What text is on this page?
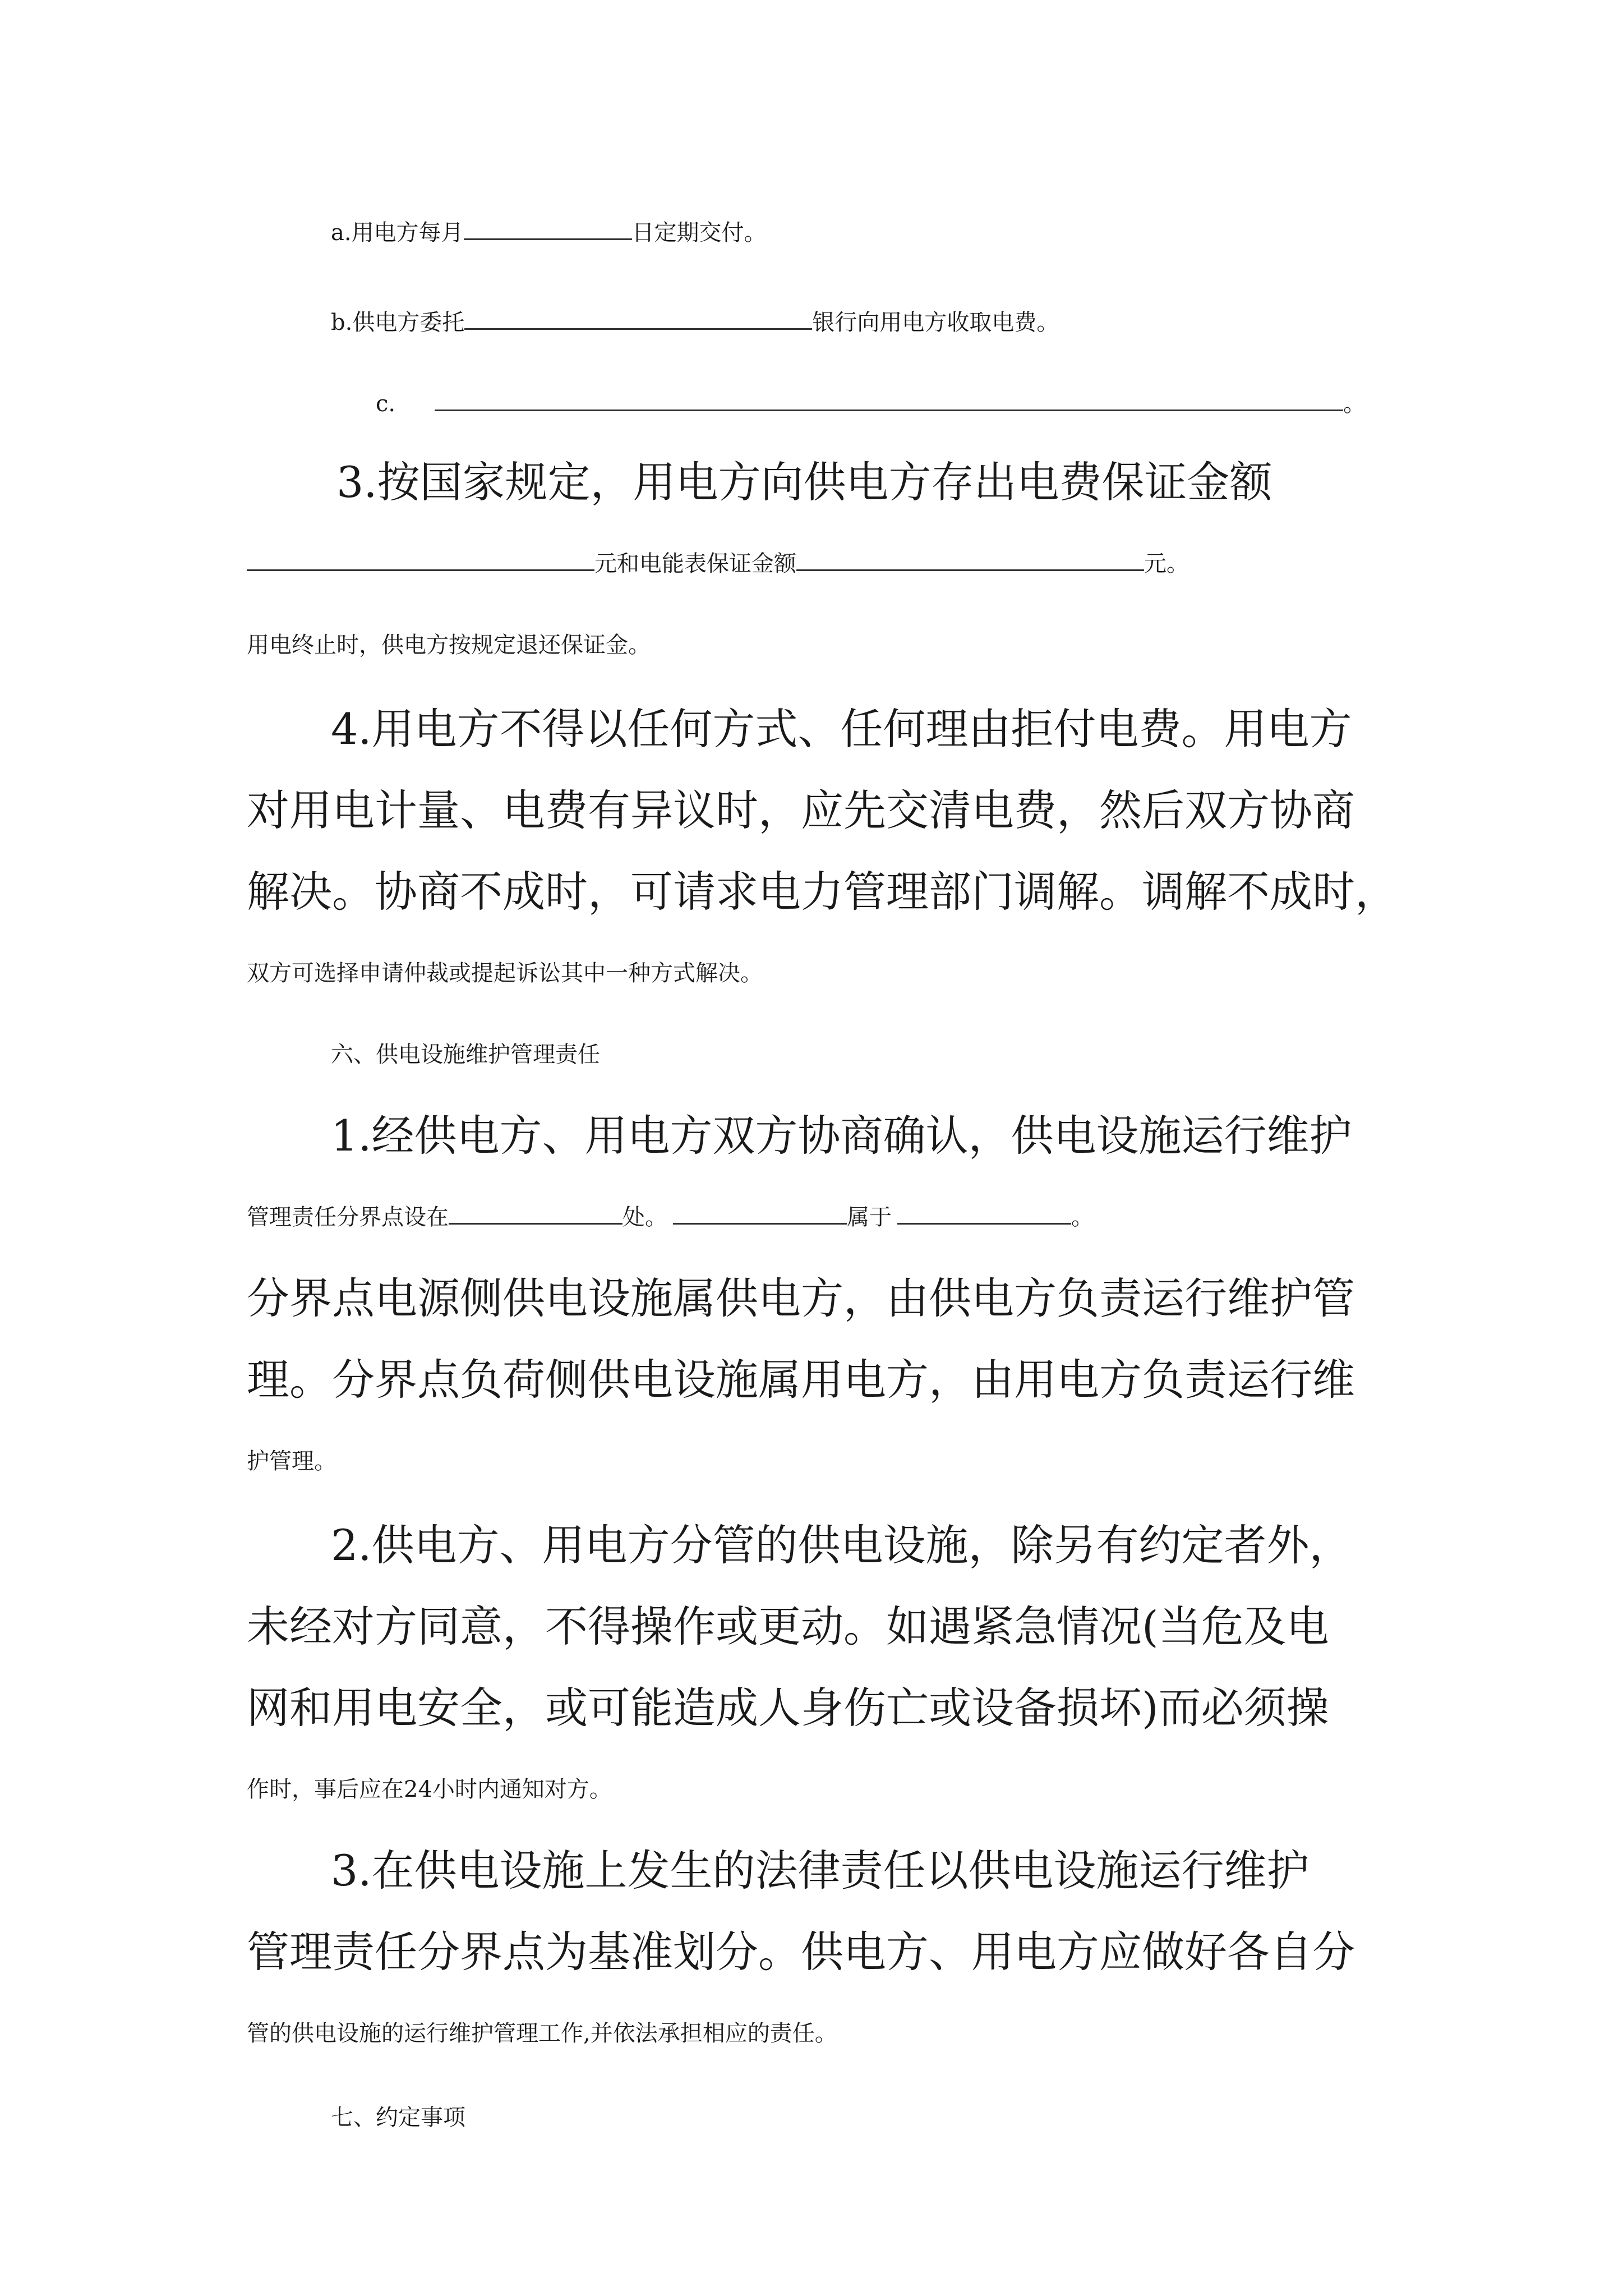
a.用电方每月	日定期交付。
b.供电方委托	银行向用电方收取电费。
c.	。
3.按国家规定，用电方向供电方存出电费保证金额
元和电能表保证金额	元。
用电终止时，供电方按规定退还保证金。
4.用电方不得以任何方式、任何理由拒付电费。用电方
对用电计量、电费有异议时，应先交清电费，然后双方协商
解决。协商不成时，可请求电力管理部门调解。调解不成时，
双方可选择申请仲裁或提起诉讼其中一种方式解决。
六、供电设施维护管理责任
1.经供电方、用电方双方协商确认，供电设施运行维护
管理责任分界点设在	处。	属于	。
分界点电源侧供电设施属供电方，由供电方负责运行维护管
理。分界点负荷侧供电设施属用电方，由用电方负责运行维
护管理。
2.供电方、用电方分管的供电设施，除另有约定者外，
未经对方同意，不得操作或更动。如遇紧急情况(当危及电
网和用电安全，或可能造成人身伤亡或设备损坏)而必须操
作时，事后应在24小时内通知对方。
3.在供电设施上发生的法律责任以供电设施运行维护
管理责任分界点为基准划分。供电方、用电方应做好各自分
管的供电设施的运行维护管理工作,并依法承担相应的责任。
七、约定事项
